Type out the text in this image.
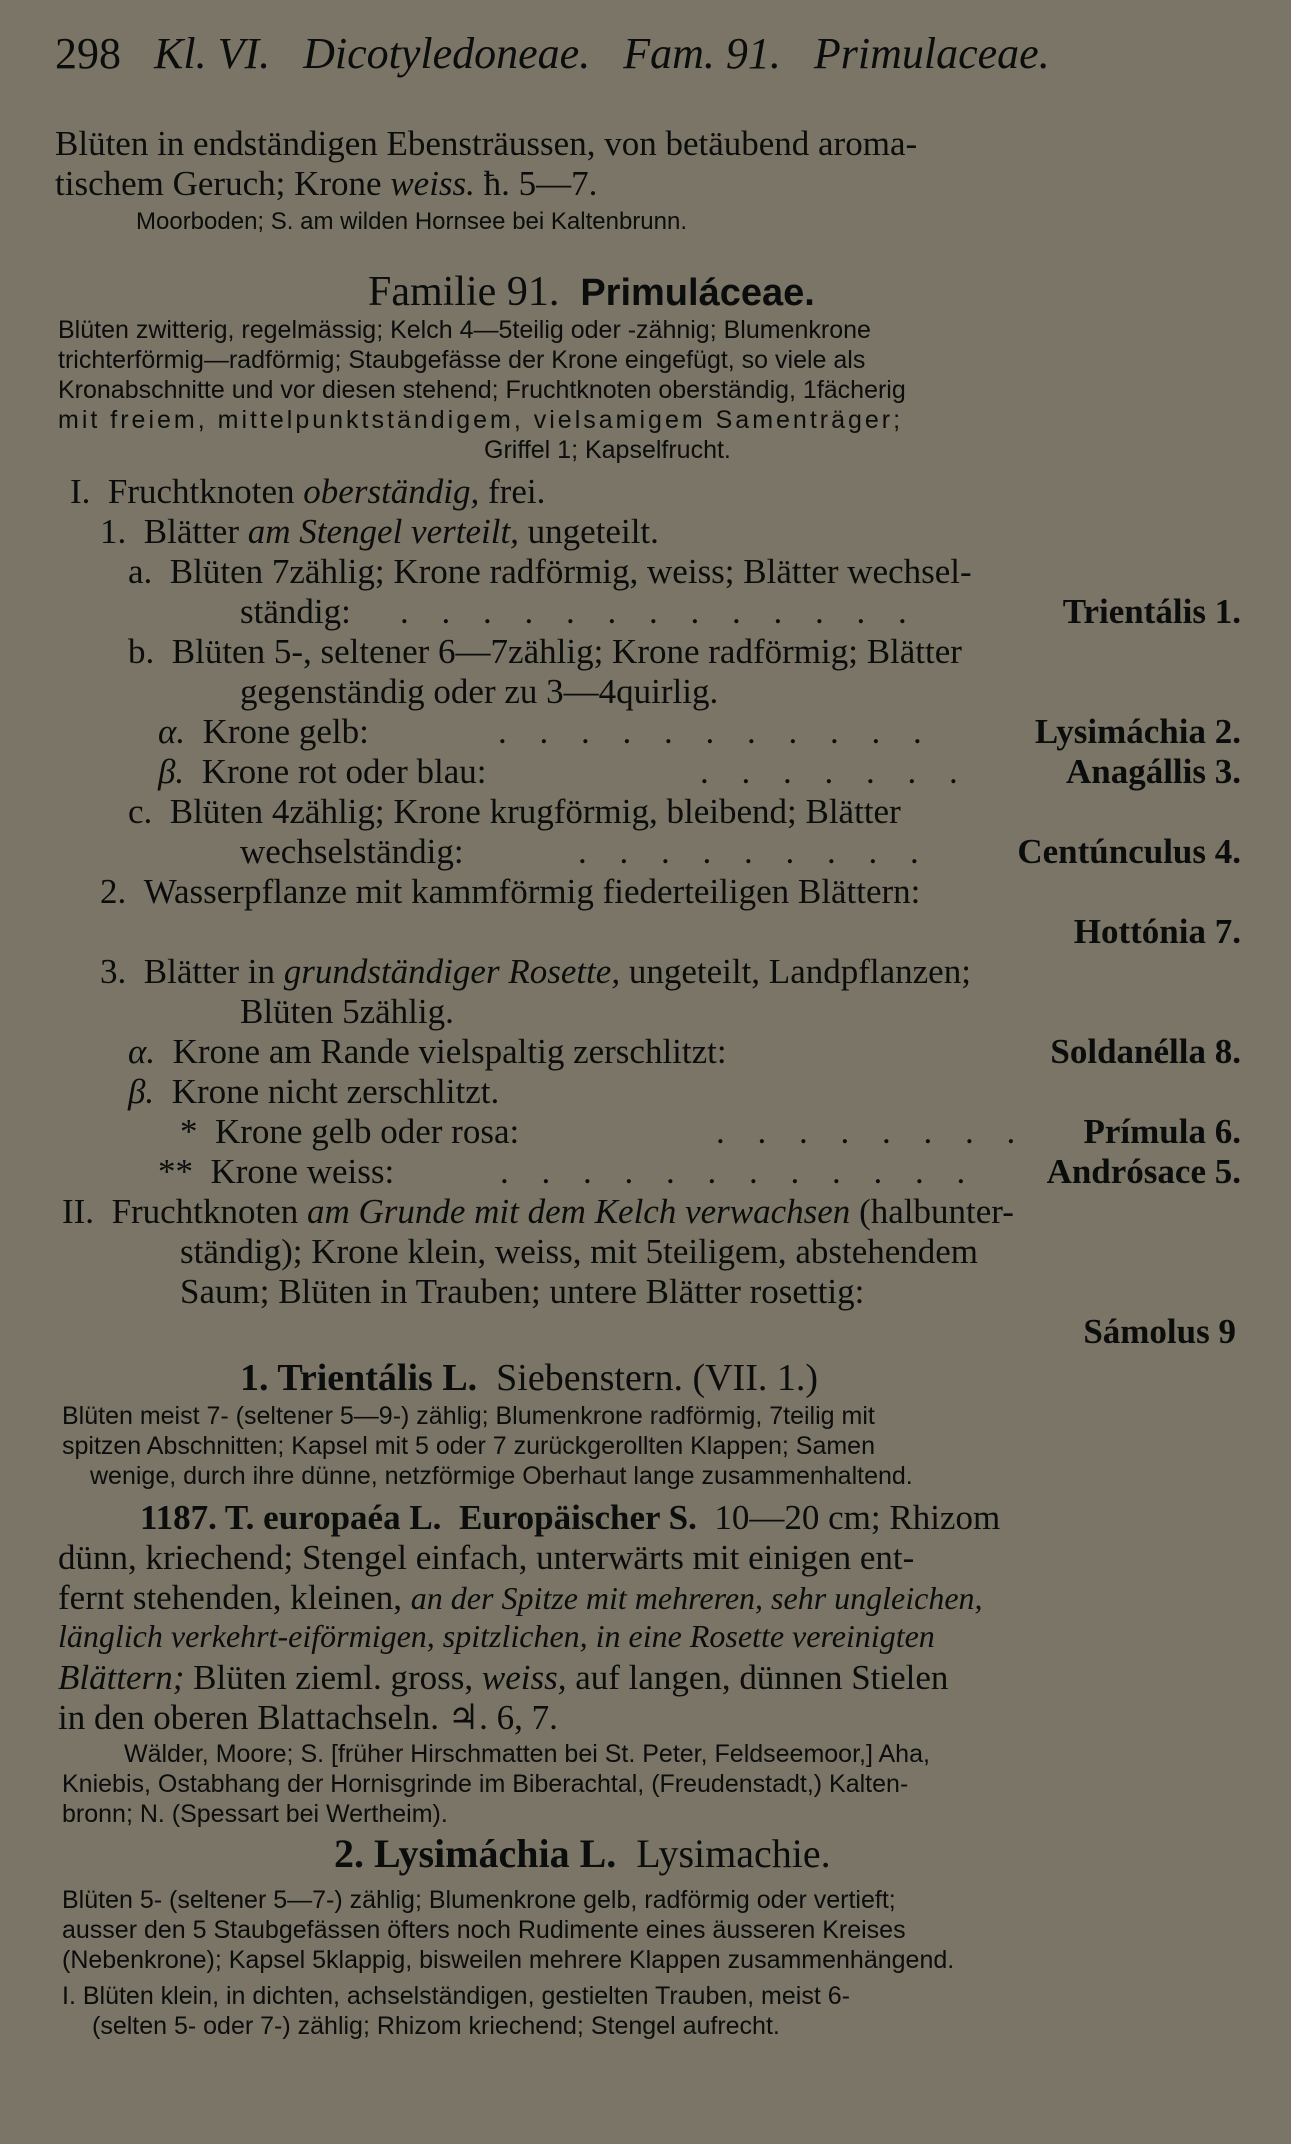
298 Kl. VI. Dicotyledoneae. Fam. 91. Primulaceae.
Blüten in endständigen Ebensträussen, von betäubend aroma-
tischem Geruch; Krone weiss. ħ. 5—7.
Moorboden; S. am wilden Hornsee bei Kaltenbrunn.
Familie 91. Primuláceae.
Blüten zwitterig, regelmässig; Kelch 4—5teilig oder -zähnig; Blumenkrone
trichterförmig—radförmig; Staubgefässe der Krone eingefügt, so viele als
Kronabschnitte und vor diesen stehend; Fruchtknoten oberständig, 1fächerig
mit freiem, mittelpunktständigem, vielsamigem Samenträger;
Griffel 1; Kapselfrucht.
I. Fruchtknoten oberständig, frei.
1. Blätter am Stengel verteilt, ungeteilt.
a. Blüten 7zählig; Krone radförmig, weiss; Blätter wechsel-
ständig: . . . . . . . . . . . . .	Trientális 1.
b. Blüten 5-, seltener 6—7zählig; Krone radförmig; Blätter
gegenständig oder zu 3—4quirlig.
α. Krone gelb:	. . . . . . . . . . .	Lysimáchia 2.
β. Krone rot oder blau:	. . . . . . .	Anagállis 3.
c. Blüten 4zählig; Krone krugförmig, bleibend; Blätter
wechselständig:	. . . . . . . . . Centúnculus 4.
2. Wasserpflanze mit kammförmig fiederteiligen Blättern:
Hottónia 7.
3. Blätter in grundständiger Rosette, ungeteilt, Landpflanzen;
Blüten 5zählig.
α. Krone am Rande vielspaltig zerschlitzt:	Soldanélla 8.
β. Krone nicht zerschlitzt.
* Krone gelb oder rosa:	. . . . . . . . Prímula 6.
** Krone weiss:	. . . . . . . . . . . . Andrósace 5.
II. Fruchtknoten am Grunde mit dem Kelch verwachsen (halbunter-
ständig); Krone klein, weiss, mit 5teiligem, abstehendem
Saum; Blüten in Trauben; untere Blätter rosettig:
Sámolus 9
1. Trientális L. Siebenstern. (VII. 1.)
Blüten meist 7- (seltener 5—9-) zählig; Blumenkrone radförmig, 7teilig mit
spitzen Abschnitten; Kapsel mit 5 oder 7 zurückgerollten Klappen; Samen
wenige, durch ihre dünne, netzförmige Oberhaut lange zusammenhaltend.
1187. T. europaéa L. Europäischer S. 10—20 cm; Rhizom
dünn, kriechend; Stengel einfach, unterwärts mit einigen ent-
fernt stehenden, kleinen, an der Spitze mit mehreren, sehr ungleichen,
länglich verkehrt-eiförmigen, spitzlichen, in eine Rosette vereinigten
Blättern; Blüten zieml. gross, weiss, auf langen, dünnen Stielen
in den oberen Blattachseln. ♃. 6, 7.
Wälder, Moore; S. [früher Hirschmatten bei St. Peter, Feldseemoor,] Aha,
Kniebis, Ostabhang der Hornisgrinde im Biberachtal, (Freudenstadt,) Kalten-
bronn; N. (Spessart bei Wertheim).
2. Lysimáchia L. Lysimachie.
Blüten 5- (seltener 5—7-) zählig; Blumenkrone gelb, radförmig oder vertieft;
ausser den 5 Staubgefässen öfters noch Rudimente eines äusseren Kreises
(Nebenkrone); Kapsel 5klappig, bisweilen mehrere Klappen zusammenhängend.
I. Blüten klein, in dichten, achselständigen, gestielten Trauben, meist 6-
(selten 5- oder 7-) zählig; Rhizom kriechend; Stengel aufrecht.
